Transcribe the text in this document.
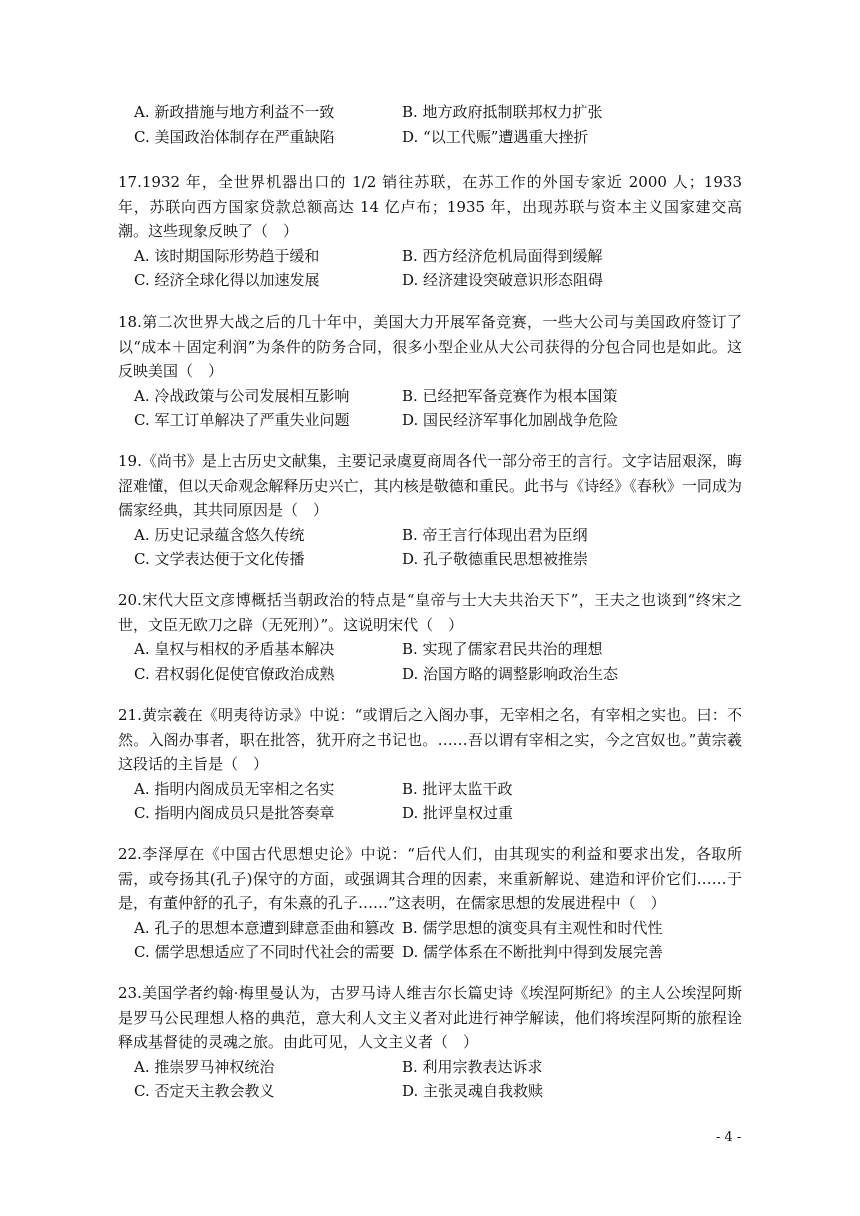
A. 新政措施与地方利益不一致	B. 地方政府抵制联邦权力扩张
C. 美国政治体制存在严重缺陷	D. “以工代赈”遭遇重大挫折

17.1932 年，全世界机器出口的 1/2 销往苏联，在苏工作的外国专家近 2000 人；1933 年，苏联向西方国家贷款总额高达 14 亿卢布；1935 年，出现苏联与资本主义国家建交高潮。这些现象反映了（　）

A. 该时期国际形势趋于缓和	B. 西方经济危机局面得到缓解
C. 经济全球化得以加速发展	D. 经济建设突破意识形态阻碍

18.第二次世界大战之后的几十年中，美国大力开展军备竞赛，一些大公司与美国政府签订了以“成本＋固定利润”为条件的防务合同，很多小型企业从大公司获得的分包合同也是如此。这反映美国（　）

A. 冷战政策与公司发展相互影响	B. 已经把军备竞赛作为根本国策
C. 军工订单解决了严重失业问题	D. 国民经济军事化加剧战争危险

19.《尚书》是上古历史文献集，主要记录虞夏商周各代一部分帝王的言行。文字诘屈艰深，晦涩难懂，但以天命观念解释历史兴亡，其内核是敬德和重民。此书与《诗经》《春秋》一同成为儒家经典，其共同原因是（　）

A. 历史记录蕴含悠久传统	B. 帝王言行体现出君为臣纲
C. 文学表达便于文化传播	D. 孔子敬德重民思想被推崇

20.宋代大臣文彦博概括当朝政治的特点是“皇帝与士大夫共治天下”，王夫之也谈到“终宋之世，文臣无欧刀之辟（无死刑）”。这说明宋代（　）

A. 皇权与相权的矛盾基本解决	B. 实现了儒家君民共治的理想
C. 君权弱化促使官僚政治成熟	D. 治国方略的调整影响政治生态

21.黄宗羲在《明夷待访录》中说：“或谓后之入阁办事，无宰相之名，有宰相之实也。曰：不然。入阁办事者，职在批答，犹开府之书记也。……吾以谓有宰相之实，今之宫奴也。”黄宗羲这段话的主旨是（　）

A. 指明内阁成员无宰相之名实	B. 批评太监干政
C. 指明内阁成员只是批答奏章	D. 批评皇权过重

22.李泽厚在《中国古代思想史论》中说：“后代人们，由其现实的利益和要求出发，各取所需，或夸扬其(孔子)保守的方面，或强调其合理的因素，来重新解说、建造和评价它们……于是，有董仲舒的孔子，有朱熹的孔子……”这表明，在儒家思想的发展进程中（　）

A. 孔子的思想本意遭到肆意歪曲和篡改 B. 儒学思想的演变具有主观性和时代性
C. 儒学思想适应了不同时代社会的需要 D. 儒学体系在不断批判中得到发展完善

23.美国学者约翰·梅里曼认为，古罗马诗人维吉尔长篇史诗《埃涅阿斯纪》的主人公埃涅阿斯是罗马公民理想人格的典范，意大利人文主义者对此进行神学解读，他们将埃涅阿斯的旅程诠释成基督徒的灵魂之旅。由此可见，人文主义者（　）

A. 推崇罗马神权统治	B. 利用宗教表达诉求
C. 否定天主教会教义	D. 主张灵魂自我救赎
- 4 -
